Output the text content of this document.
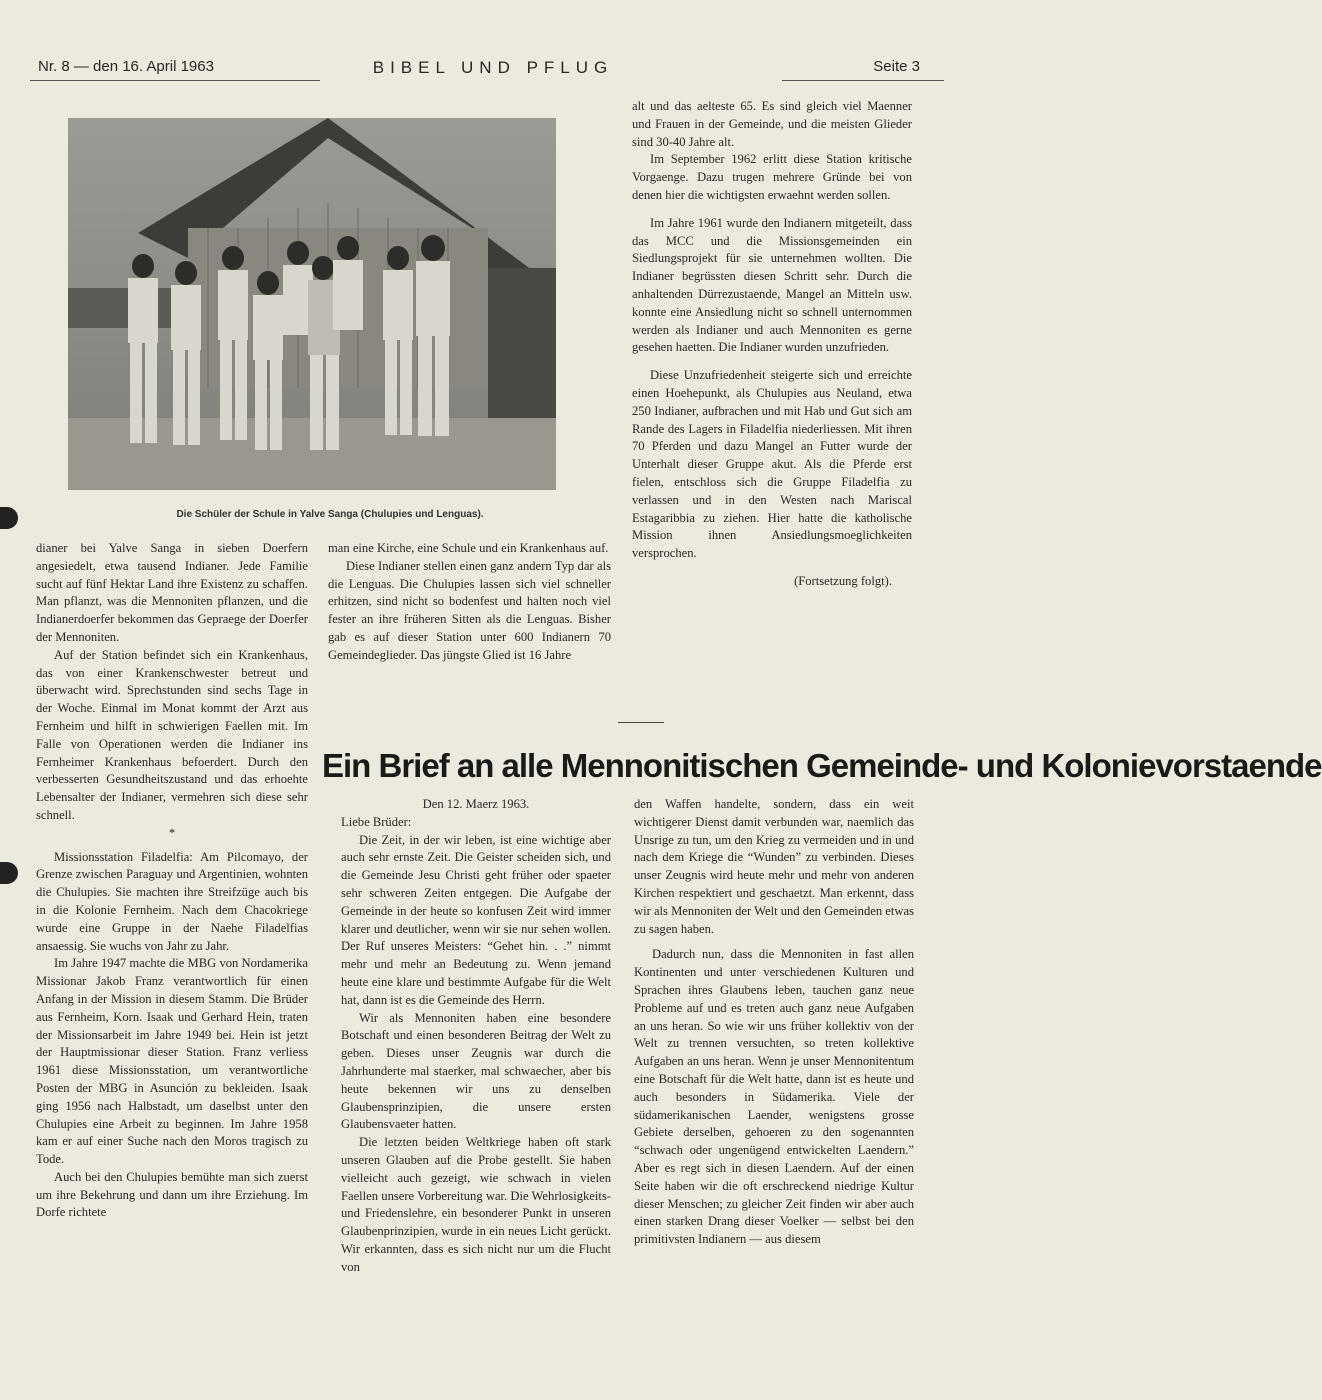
Nr. 8 — den 16. April 1963	BIBEL UND PFLUG	Seite 3
Die Schüler der Schule in Yalve Sanga (Chulupies und Lenguas).

dianer bei Yalve Sanga in sieben Doerfern angesiedelt, etwa tausend Indianer. Jede Familie sucht auf fünf Hektar Land ihre Existenz zu schaffen. Man pflanzt, was die Mennoniten pflanzen, und die Indianerdoerfer bekommen das Gepraege der Doerfer der Mennoniten.

Auf der Station befindet sich ein Krankenhaus, das von einer Krankenschwester betreut und überwacht wird. Sprechstunden sind sechs Tage in der Woche. Einmal im Monat kommt der Arzt aus Fernheim und hilft in schwierigen Faellen mit. Im Falle von Operationen werden die Indianer ins Fernheimer Krankenhaus befoerdert. Durch den verbesserten Gesundheitszustand und das erhoehte Lebensalter der Indianer, vermehren sich diese sehr schnell.

*

Missionsstation Filadelfia: Am Pilcomayo, der Grenze zwischen Paraguay und Argentinien, wohnten die Chulupies. Sie machten ihre Streifzüge auch bis in die Kolonie Fernheim. Nach dem Chacokriege wurde eine Gruppe in der Naehe Filadelfias ansaessig. Sie wuchs von Jahr zu Jahr.

Im Jahre 1947 machte die MBG von Nordamerika Missionar Jakob Franz verantwortlich für einen Anfang in der Mission in diesem Stamm. Die Brüder aus Fernheim, Korn. Isaak und Gerhard Hein, traten der Missionsarbeit im Jahre 1949 bei. Hein ist jetzt der Hauptmissionar dieser Station. Franz verliess 1961 diese Missionsstation, um verantwortliche Posten der MBG in Asunción zu bekleiden. Isaak ging 1956 nach Halbstadt, um daselbst unter den Chulupies eine Arbeit zu beginnen. Im Jahre 1958 kam er auf einer Suche nach den Moros tragisch zu Tode.

Auch bei den Chulupies bemühte man sich zuerst um ihre Bekehrung und dann um ihre Erziehung. Im Dorfe richtete

man eine Kirche, eine Schule und ein Krankenhaus auf.

Diese Indianer stellen einen ganz andern Typ dar als die Lenguas. Die Chulupies lassen sich viel schneller erhitzen, sind nicht so bodenfest und halten noch viel fester an ihre früheren Sitten als die Lenguas. Bisher gab es auf dieser Station unter 600 Indianern 70 Gemeindeglieder. Das jüngste Glied ist 16 Jahre

alt und das aelteste 65. Es sind gleich viel Maenner und Frauen in der Gemeinde, und die meisten Glieder sind 30-40 Jahre alt.

Im September 1962 erlitt diese Station kritische Vorgaenge. Dazu trugen mehrere Gründe bei von denen hier die wichtigsten erwaehnt werden sollen.

Im Jahre 1961 wurde den Indianern mitgeteilt, dass das MCC und die Missionsgemeinden ein Siedlungsprojekt für sie unternehmen wollten. Die Indianer begrüssten diesen Schritt sehr. Durch die anhaltenden Dürrezustaende, Mangel an Mitteln usw. konnte eine Ansiedlung nicht so schnell unternommen werden als Indianer und auch Mennoniten es gerne gesehen haetten. Die Indianer wurden unzufrieden.

Diese Unzufriedenheit steigerte sich und erreichte einen Hoehepunkt, als Chulupies aus Neuland, etwa 250 Indianer, aufbrachen und mit Hab und Gut sich am Rande des Lagers in Filadelfia niederliessen. Mit ihren 70 Pferden und dazu Mangel an Futter wurde der Unterhalt dieser Gruppe akut. Als die Pferde erst fielen, entschloss sich die Gruppe Filadelfia zu verlassen und in den Westen nach Mariscal Estagaribbia zu ziehen. Hier hatte die katholische Mission ihnen Ansiedlungsmoeglichkeiten versprochen.

(Fortsetzung folgt).

Ein Brief an alle Mennonitischen Gemeinde- und Kolonievorstaende

Den 12. Maerz 1963.

Liebe Brüder:

Die Zeit, in der wir leben, ist eine wichtige aber auch sehr ernste Zeit. Die Geister scheiden sich, und die Gemeinde Jesu Christi geht früher oder spaeter sehr schweren Zeiten entgegen. Die Aufgabe der Gemeinde in der heute so konfusen Zeit wird immer klarer und deutlicher, wenn wir sie nur sehen wollen. Der Ruf unseres Meisters: “Gehet hin. . .” nimmt mehr und mehr an Bedeutung zu. Wenn jemand heute eine klare und bestimmte Aufgabe für die Welt hat, dann ist es die Gemeinde des Herrn.

Wir als Mennoniten haben eine besondere Botschaft und einen besonderen Beitrag der Welt zu geben. Dieses unser Zeugnis war durch die Jahrhunderte mal staerker, mal schwaecher, aber bis heute bekennen wir uns zu denselben Glaubensprinzipien, die unsere ersten Glaubensvaeter hatten.

Die letzten beiden Weltkriege haben oft stark unseren Glauben auf die Probe gestellt. Sie haben vielleicht auch gezeigt, wie schwach in vielen Faellen unsere Vorbereitung war. Die Wehrlosigkeits- und Friedenslehre, ein besonderer Punkt in unseren Glaubenprinzipien, wurde in ein neues Licht gerückt. Wir erkannten, dass es sich nicht nur um die Flucht von

den Waffen handelte, sondern, dass ein weit wichtigerer Dienst damit verbunden war, naemlich das Unsrige zu tun, um den Krieg zu vermeiden und in und nach dem Kriege die “Wunden” zu verbinden. Dieses unser Zeugnis wird heute mehr und mehr von anderen Kirchen respektiert und geschaetzt. Man erkennt, dass wir als Mennoniten der Welt und den Gemeinden etwas zu sagen haben.

Dadurch nun, dass die Mennoniten in fast allen Kontinenten und unter verschiedenen Kulturen und Sprachen ihres Glaubens leben, tauchen ganz neue Probleme auf und es treten auch ganz neue Aufgaben an uns heran. So wie wir uns früher kollektiv von der Welt zu trennen versuchten, so treten kollektive Aufgaben an uns heran. Wenn je unser Mennonitentum eine Botschaft für die Welt hatte, dann ist es heute und auch besonders in Südamerika. Viele der südamerikanischen Laender, wenigstens grosse Gebiete derselben, gehoeren zu den sogenannten “schwach oder ungenügend entwickelten Laendern.” Aber es regt sich in diesen Laendern. Auf der einen Seite haben wir die oft erschreckend niedrige Kultur dieser Menschen; zu gleicher Zeit finden wir aber auch einen starken Drang dieser Voelker — selbst bei den primitivsten Indianern — aus diesem
